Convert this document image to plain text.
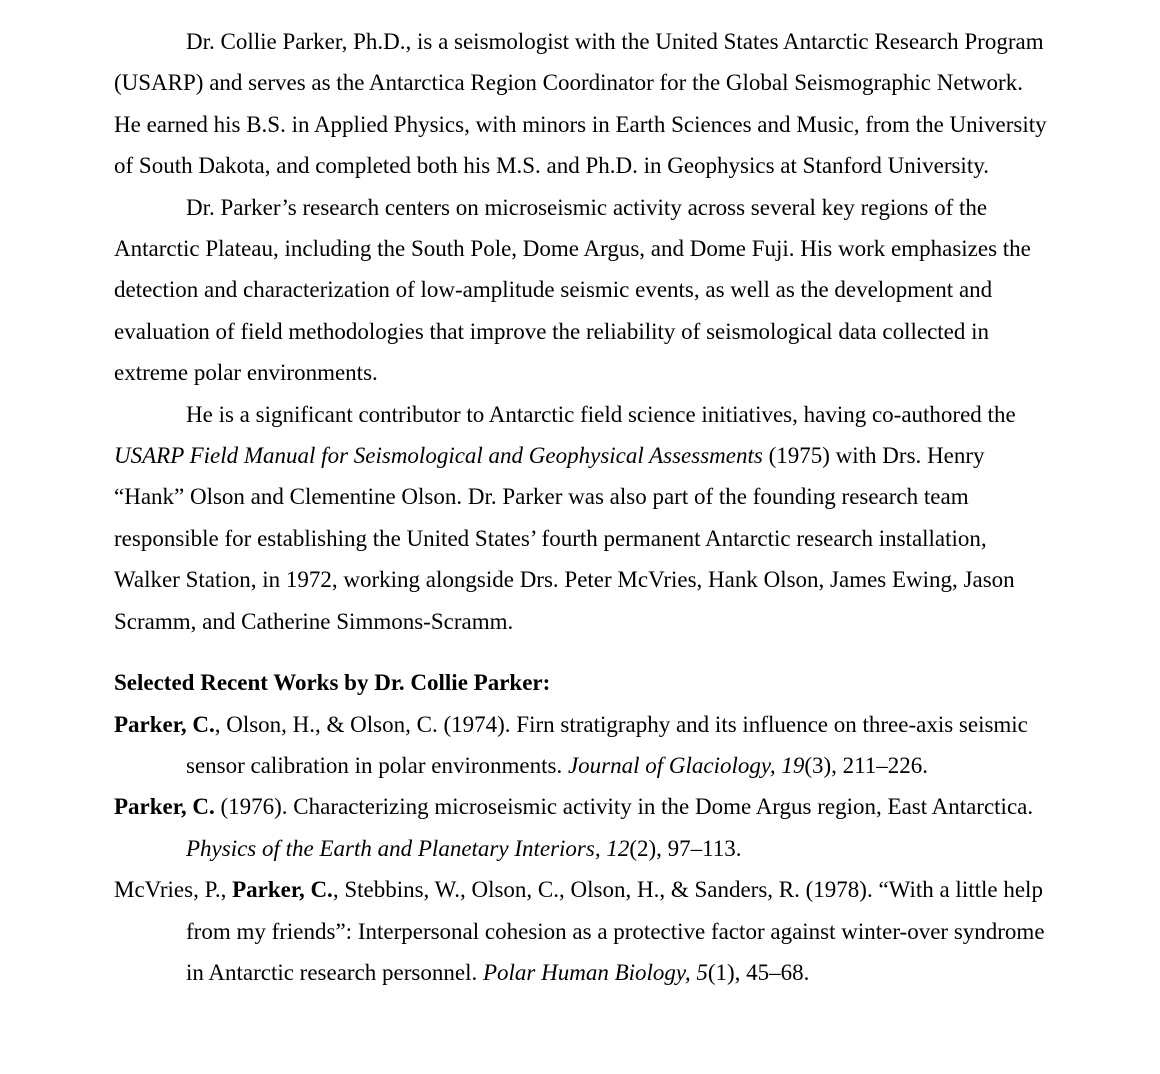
Dr. Collie Parker, Ph.D., is a seismologist with the United States Antarctic Research Program (USARP) and serves as the Antarctica Region Coordinator for the Global Seismographic Network. He earned his B.S. in Applied Physics, with minors in Earth Sciences and Music, from the University of South Dakota, and completed both his M.S. and Ph.D. in Geophysics at Stanford University.

Dr. Parker’s research centers on microseismic activity across several key regions of the Antarctic Plateau, including the South Pole, Dome Argus, and Dome Fuji. His work emphasizes the detection and characterization of low-amplitude seismic events, as well as the development and evaluation of field methodologies that improve the reliability of seismological data collected in extreme polar environments.

He is a significant contributor to Antarctic field science initiatives, having co-authored the USARP Field Manual for Seismological and Geophysical Assessments (1975) with Drs. Henry “Hank” Olson and Clementine Olson. Dr. Parker was also part of the founding research team responsible for establishing the United States’ fourth permanent Antarctic research installation, Walker Station, in 1972, working alongside Drs. Peter McVries, Hank Olson, James Ewing, Jason Scramm, and Catherine Simmons-Scramm.

Selected Recent Works by Dr. Collie Parker:

Parker, C., Olson, H., & Olson, C. (1974). Firn stratigraphy and its influence on three-axis seismic sensor calibration in polar environments. Journal of Glaciology, 19(3), 211–226.

Parker, C. (1976). Characterizing microseismic activity in the Dome Argus region, East Antarctica. Physics of the Earth and Planetary Interiors, 12(2), 97–113.

McVries, P., Parker, C., Stebbins, W., Olson, C., Olson, H., & Sanders, R. (1978). “With a little help from my friends”: Interpersonal cohesion as a protective factor against winter-over syndrome in Antarctic research personnel. Polar Human Biology, 5(1), 45–68.
